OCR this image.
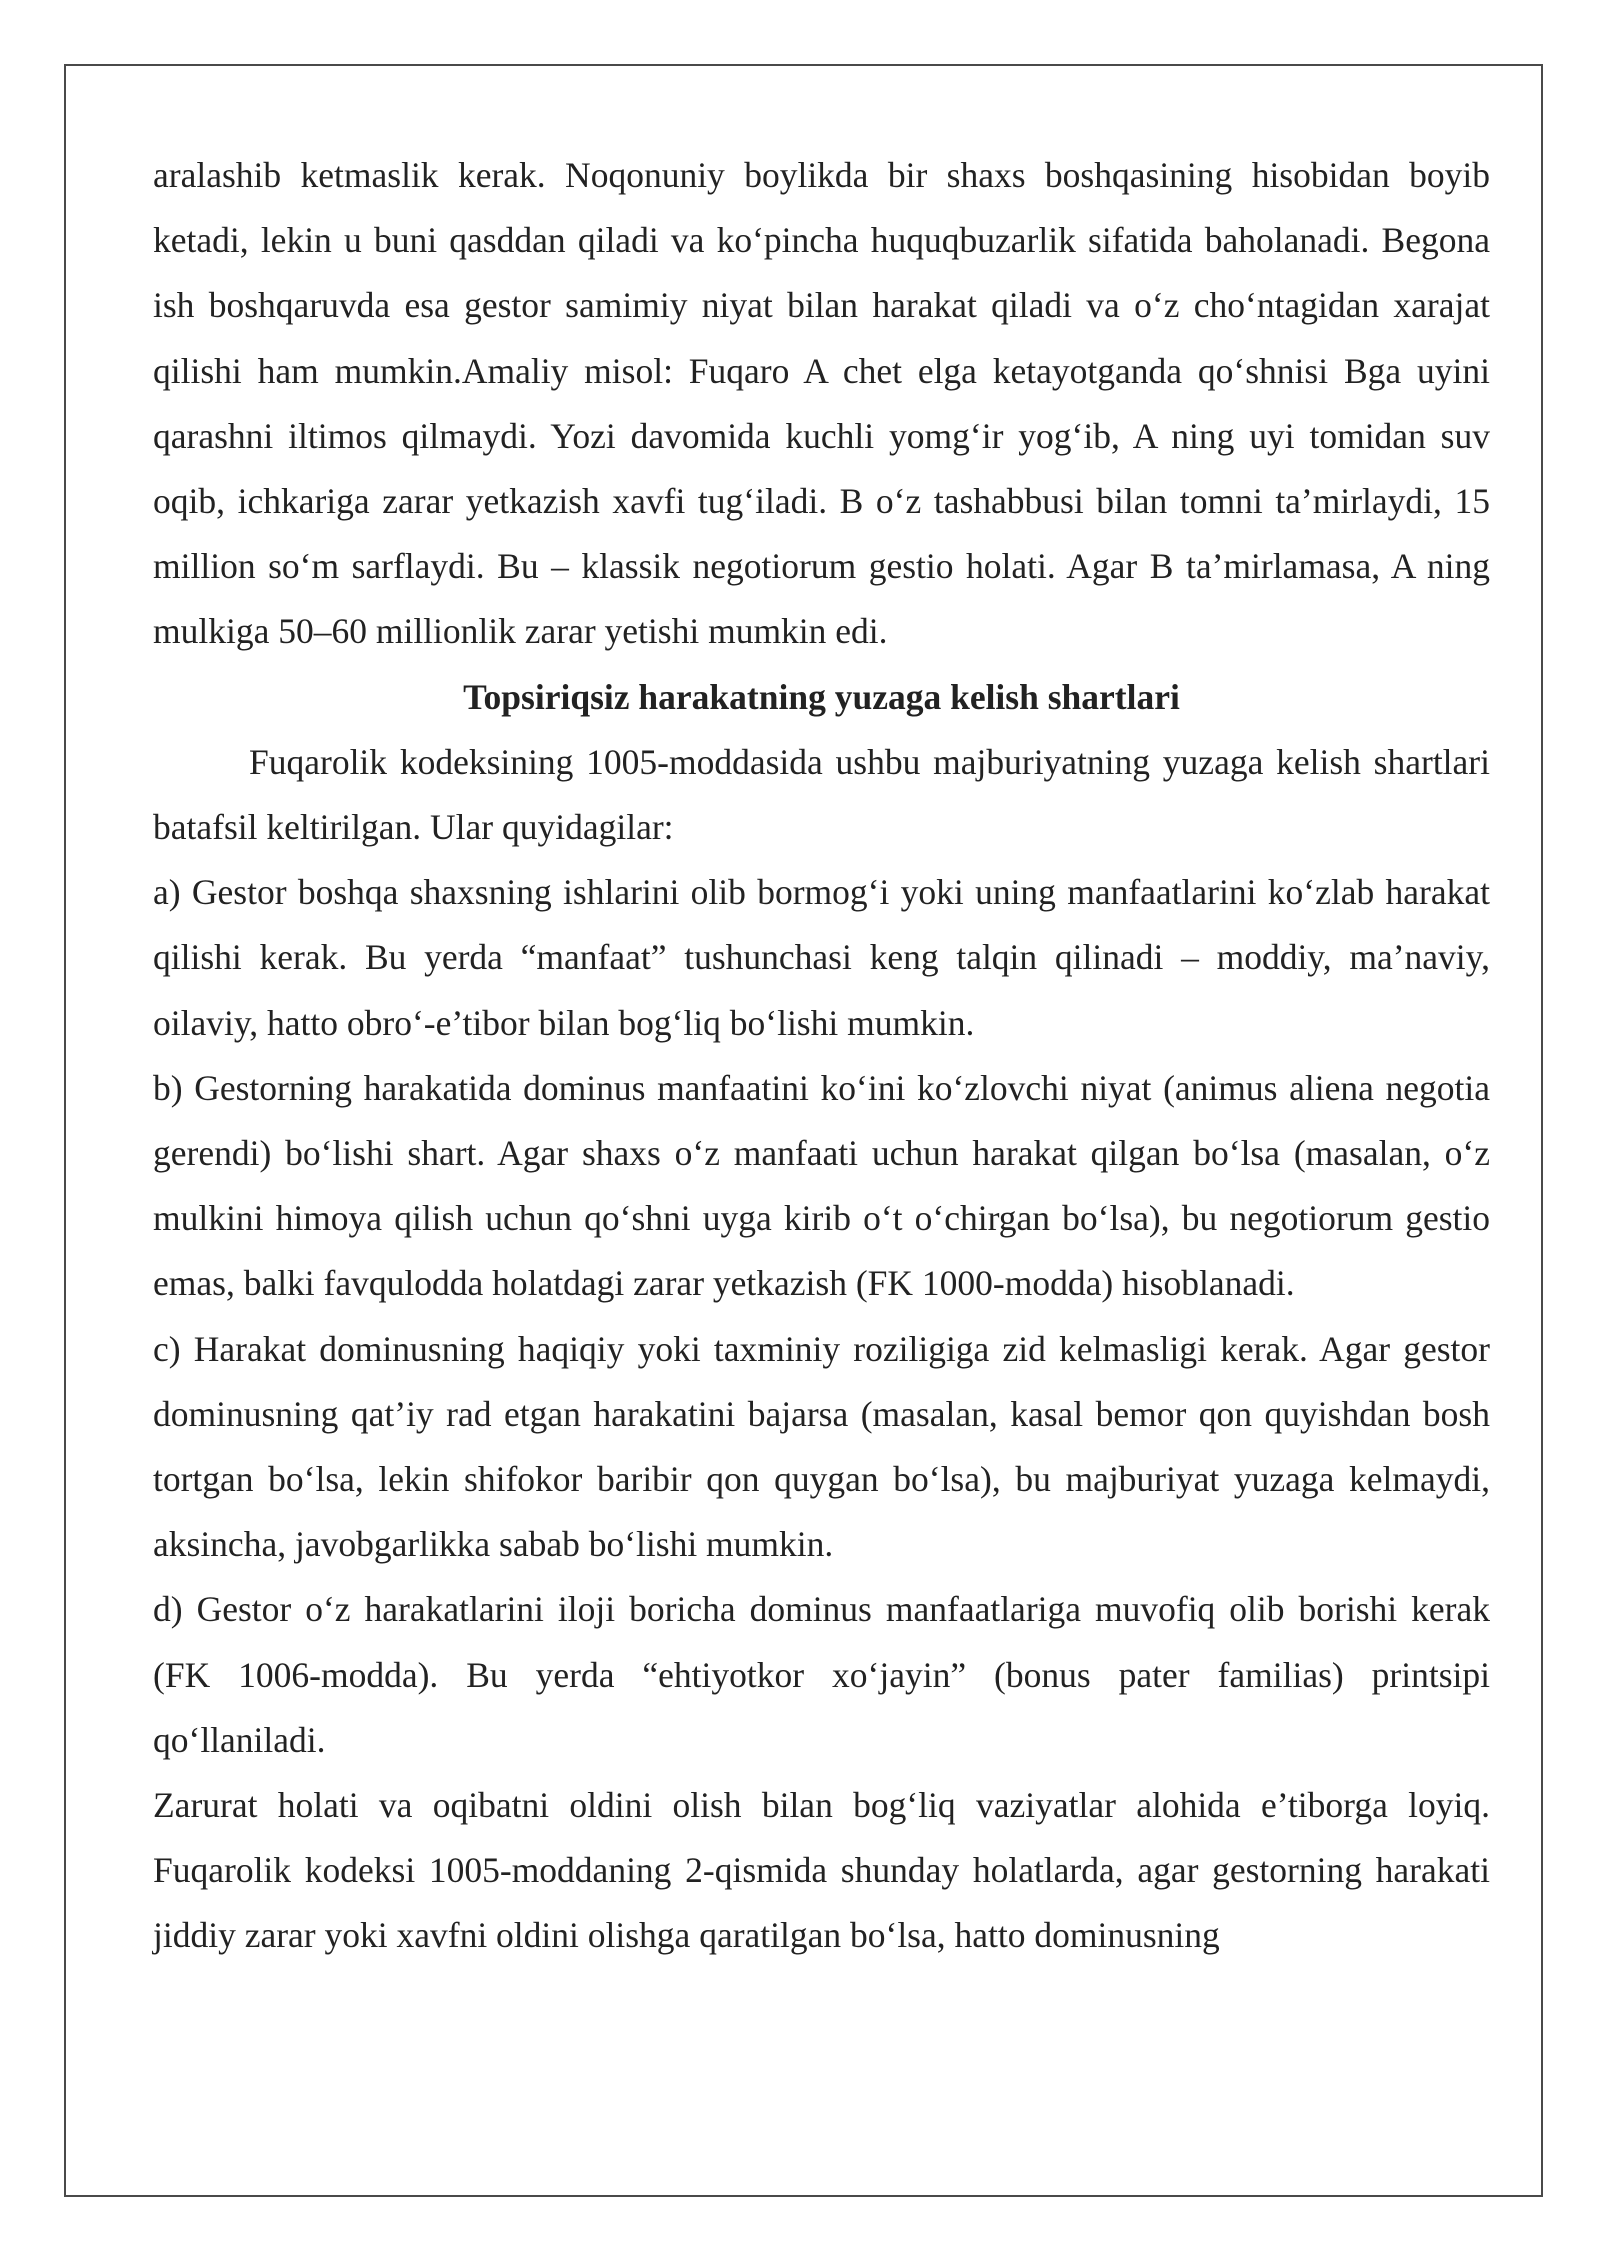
aralashib ketmaslik kerak. Noqonuniy boylikda bir shaxs boshqasining hisobidan boyib ketadi, lekin u buni qasddan qiladi va ko‘pincha huquqbuzarlik sifatida baholanadi. Begona ish boshqaruvda esa gestor samimiy niyat bilan harakat qiladi va o‘z cho‘ntagidan xarajat qilishi ham mumkin.Amaliy misol: Fuqaro A chet elga ketayotganda qo‘shnisi Bga uyini qarashni iltimos qilmaydi. Yozi davomida kuchli yomg‘ir yog‘ib, A ning uyi tomidan suv oqib, ichkariga zarar yetkazish xavfi tug‘iladi. B o‘z tashabbusi bilan tomni ta’mirlaydi, 15 million so‘m sarflaydi. Bu – klassik negotiorum gestio holati. Agar B ta’mirlamasa, A ning mulkiga 50–60 millionlik zarar yetishi mumkin edi.

Topsiriqsiz harakatning yuzaga kelish shartlari

Fuqarolik kodeksining 1005-moddasida ushbu majburiyatning yuzaga kelish shartlari batafsil keltirilgan. Ular quyidagilar:

a) Gestor boshqa shaxsning ishlarini olib bormog‘i yoki uning manfaatlarini ko‘zlab harakat qilishi kerak. Bu yerda “manfaat” tushunchasi keng talqin qilinadi – moddiy, ma’naviy, oilaviy, hatto obro‘-e’tibor bilan bog‘liq bo‘lishi mumkin.

b) Gestorning harakatida dominus manfaatini ko‘ini ko‘zlovchi niyat (animus aliena negotia gerendi) bo‘lishi shart. Agar shaxs o‘z manfaati uchun harakat qilgan bo‘lsa (masalan, o‘z mulkini himoya qilish uchun qo‘shni uyga kirib o‘t o‘chirgan bo‘lsa), bu negotiorum gestio emas, balki favqulodda holatdagi zarar yetkazish (FK 1000-modda) hisoblanadi.

c) Harakat dominusning haqiqiy yoki taxminiy roziligiga zid kelmasligi kerak. Agar gestor dominusning qat’iy rad etgan harakatini bajarsa (masalan, kasal bemor qon quyishdan bosh tortgan bo‘lsa, lekin shifokor baribir qon quygan bo‘lsa), bu majburiyat yuzaga kelmaydi, aksincha, javobgarlikka sabab bo‘lishi mumkin.

d) Gestor o‘z harakatlarini iloji boricha dominus manfaatlariga muvofiq olib borishi kerak (FK 1006-modda). Bu yerda “ehtiyotkor xo‘jayin” (bonus pater familias) printsipi qo‘llaniladi.

Zarurat holati va oqibatni oldini olish bilan bog‘liq vaziyatlar alohida e’tiborga loyiq. Fuqarolik kodeksi 1005-moddaning 2-qismida shunday holatlarda, agar gestorning harakati jiddiy zarar yoki xavfni oldini olishga qaratilgan bo‘lsa, hatto dominusning
